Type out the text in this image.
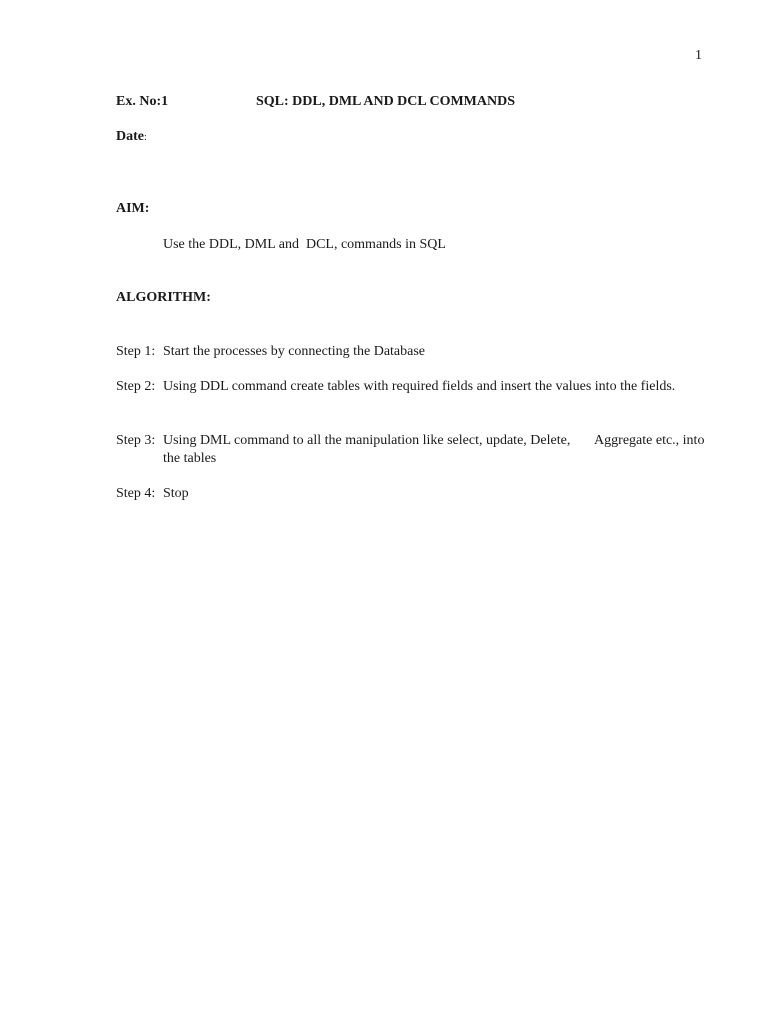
1
Ex. No:1	SQL: DDL, DML AND DCL COMMANDS
Date:
AIM:
Use the DDL, DML and  DCL, commands in SQL
ALGORITHM:
Step 1: Start the processes by connecting the Database
Step 2: Using DDL command create tables with required fields and insert the values into the fields.
Step 3: Using DML command to all the manipulation like select, update, Delete,       Aggregate etc., into the tables
Step 4: Stop
